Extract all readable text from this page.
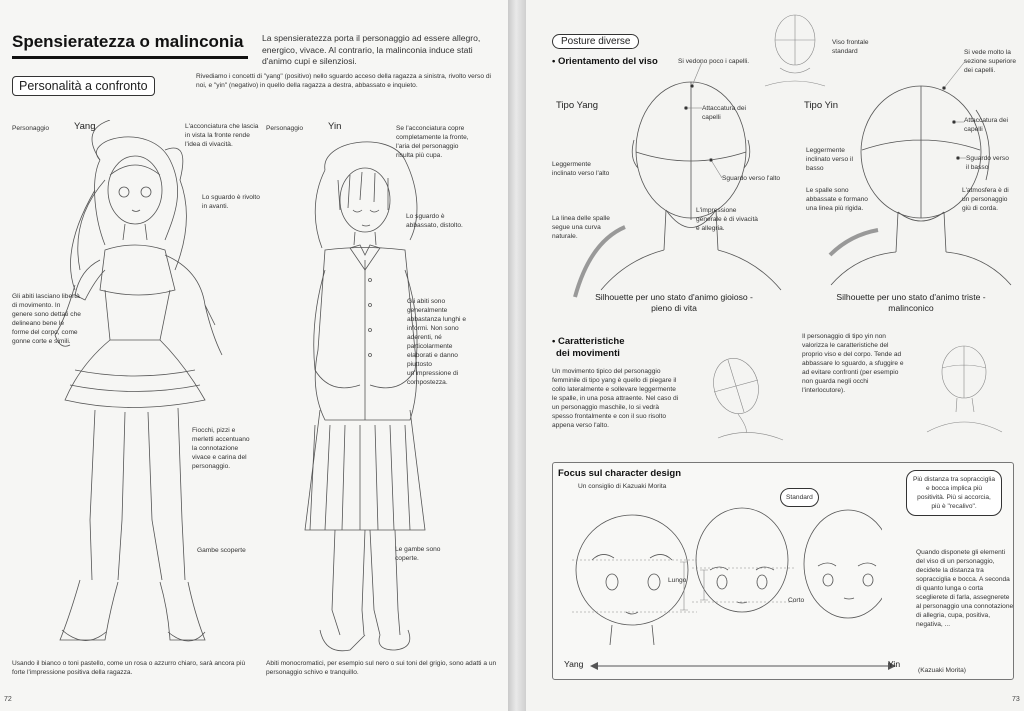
Spensieratezza o malinconia La spensieratezza porta il personaggio ad essere allegro, energico, vivace. Al contrario, la malinconia induce stati d'animo cupi e silenziosi.
Personalità a confronto
Rivediamo i concetti di "yang" (positivo) nello sguardo acceso della ragazza a sinistra, rivolto verso di noi, e "yin" (negativo) in quello della ragazza a destra, abbassato e inquieto.
Personaggio	Yang	Personaggio	Yin
L'acconciatura che lascia in vista la fronte rende l'idea di vivacità.
Lo sguardo è rivolto in avanti.
Gli abiti lasciano libertà di movimento. In genere sono dettati che delineano bene le forme del corpo, come gonne corte e simili.
Fiocchi, pizzi e merletti accentuano la connotazione vivace e carina del personaggio.
Gambe scoperte
Se l'acconciatura copre completamente la fronte, l'aria del personaggio risulta più cupa.
Lo sguardo è abbassato, distolto.
Gli abiti sono generalmente abbastanza lunghi e informi. Non sono aderenti, né particolarmente elaborati e danno piuttosto un'impressione di compostezza.
Le gambe sono coperte.
Usando il bianco o toni pastello, come un rosa o azzurro chiaro, sarà ancora più forte l'impressione positiva della ragazza.
Abiti monocromatici, per esempio sul nero o sui toni del grigio, sono adatti a un personaggio schivo e tranquillo.
72
Posture diverse
• Orientamento del viso
Viso frontale standard
Si vedono poco i capelli.
Si vede molto la sezione superiore dei capelli.
Tipo Yang	Tipo Yin
Attaccatura dei capelli	Attaccatura dei capelli
Leggermente inclinato verso l'alto
Sguardo verso l'alto
Leggermente inclinato verso il basso
Sguardo verso il basso
La linea delle spalle segue una curva naturale.
L'impressione generale è di vivacità e allegria.
Le spalle sono abbassate e formano una linea più rigida.
L'atmosfera è di un personaggio giù di corda.
Silhouette per uno stato d'animo gioioso - pieno di vita
Silhouette per uno stato d'animo triste - malinconico
• Caratteristiche
dei movimenti
Un movimento tipico del personaggio femminile di tipo yang è quello di piegare il collo lateralmente e sollevare leggermente le spalle, in una posa attraente. Nel caso di un personaggio maschile, lo si vedrà spesso frontalmente e con il suo risolto appena verso l'alto.
Il personaggio di tipo yin non valorizza le caratteristiche del proprio viso e del corpo. Tende ad abbassare lo sguardo, a sfuggire e ad evitare confronti (per esempio non guarda negli occhi l'interlocutore).
Focus sul character design
Un consiglio di Kazuaki Morita
Standard
Più distanza tra sopracciglia e bocca implica più positività. Più si accorcia, più è "recalivo".
Lungo
Corto
Quando disponete gli elementi del viso di un personaggio, decidete la distanza tra sopracciglia e bocca. A seconda di quanto lunga o corta sceglierete di farla, assegnerete al personaggio una connotazione di allegria, cupa, positiva, negativa, ...
(Kazuaki Morita)
Yang	Yin
73
